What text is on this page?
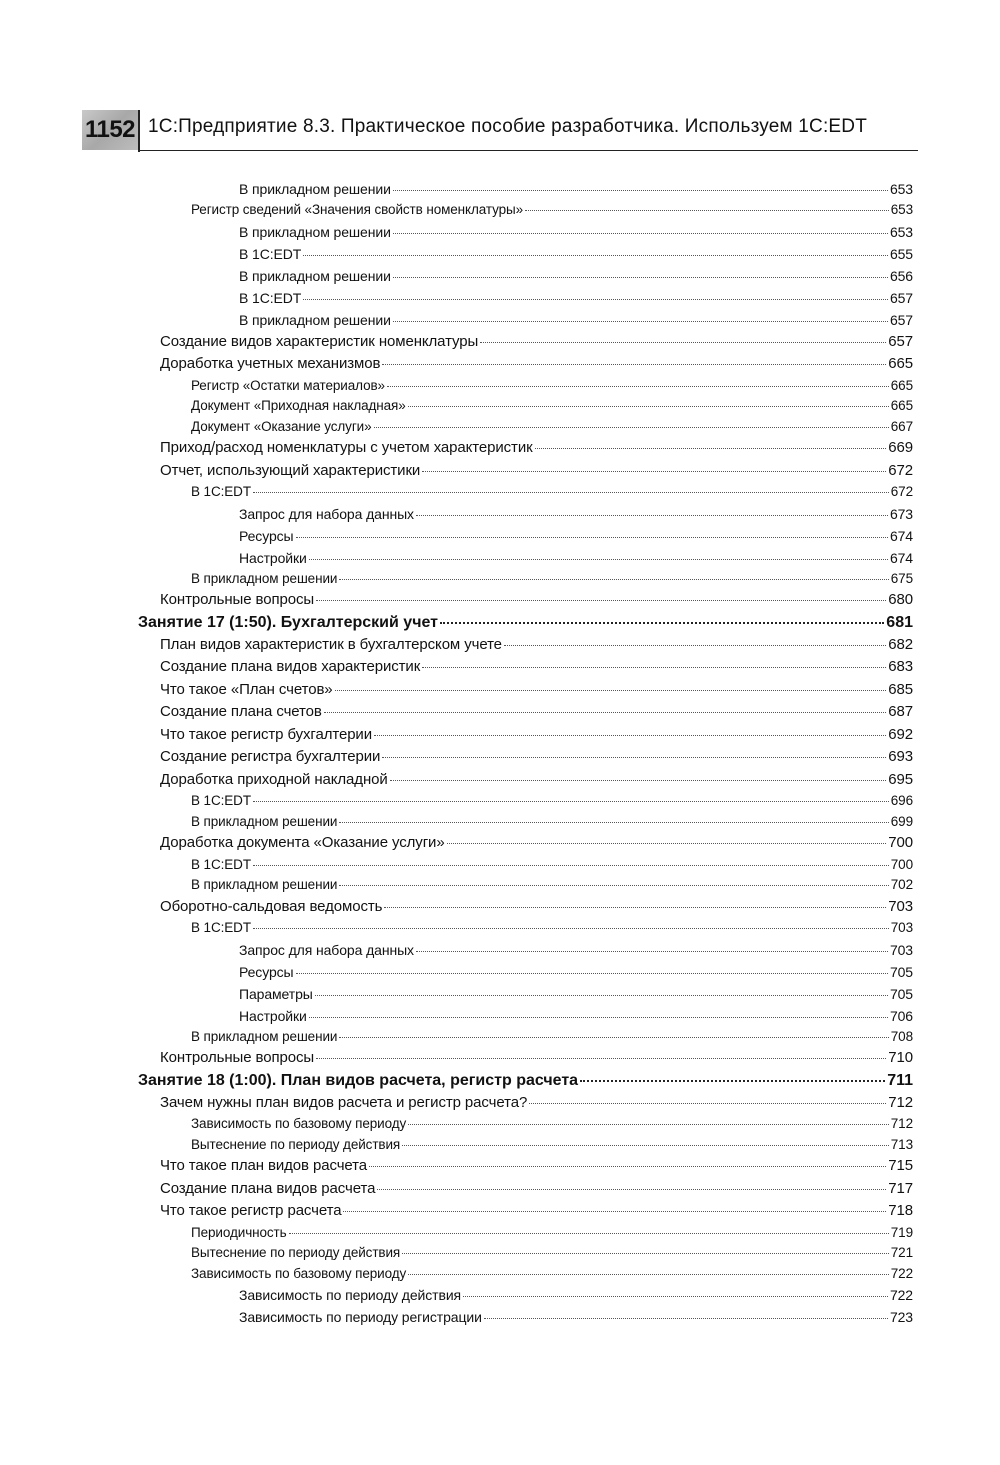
1152 1С:Предприятие 8.3. Практическое пособие разработчика. Используем 1C:EDT
В прикладном решении	653
Регистр сведений «Значения свойств номенклатуры»	653
В прикладном решении	653
В 1C:EDT	655
В прикладном решении	656
В 1C:EDT	657
В прикладном решении	657
Создание видов характеристик номенклатуры	657
Доработка учетных механизмов	665
Регистр «Остатки материалов»	665
Документ «Приходная накладная»	665
Документ «Оказание услуги»	667
Приход/расход номенклатуры с учетом характеристик	669
Отчет, использующий характеристики	672
В 1C:EDT	672
Запрос для набора данных	673
Ресурсы	674
Настройки	674
В прикладном решении	675
Контрольные вопросы	680
Занятие 17 (1:50). Бухгалтерский учет	681
План видов характеристик в бухгалтерском учете	682
Создание плана видов характеристик	683
Что такое «План счетов»	685
Создание плана счетов	687
Что такое регистр бухгалтерии	692
Создание регистра бухгалтерии	693
Доработка приходной накладной	695
В 1C:EDT	696
В прикладном решении	699
Доработка документа «Оказание услуги»	700
В 1C:EDT	700
В прикладном решении	702
Оборотно-сальдовая ведомость	703
В 1C:EDT	703
Запрос для набора данных	703
Ресурсы	705
Параметры	705
Настройки	706
В прикладном решении	708
Контрольные вопросы	710
Занятие 18 (1:00). План видов расчета, регистр расчета	711
Зачем нужны план видов расчета и регистр расчета?	712
Зависимость по базовому периоду	712
Вытеснение по периоду действия	713
Что такое план видов расчета	715
Создание плана видов расчета	717
Что такое регистр расчета	718
Периодичность	719
Вытеснение по периоду действия	721
Зависимость по базовому периоду	722
Зависимость по периоду действия	722
Зависимость по периоду регистрации	723
